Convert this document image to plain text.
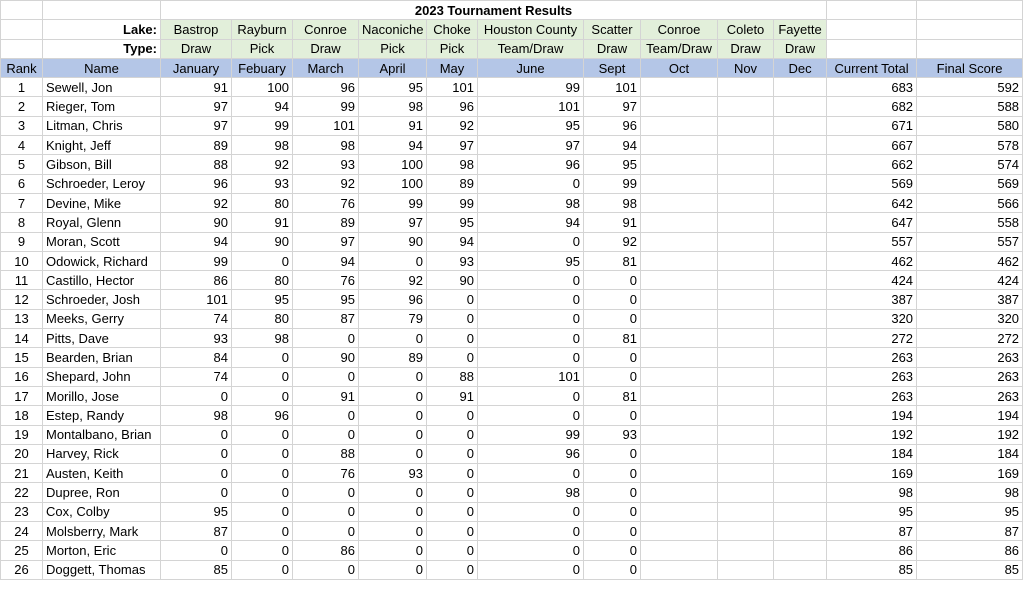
		2023 Tournament Results											
	Lake:	Bastrop	Rayburn	Conroe	Naconiche	Choke	Houston County	Scatter	Conroe	Coleto	Fayette		
	Type:	Draw	Pick	Draw	Pick	Pick	Team/Draw	Draw	Team/Draw	Draw	Draw		
Rank	Name	January	Febuary	March	April	May	June	Sept	Oct	Nov	Dec	Current Total	Final Score
1	Sewell, Jon	91	100	96	95	101	99	101				683	592
2	Rieger, Tom	97	94	99	98	96	101	97				682	588
3	Litman, Chris	97	99	101	91	92	95	96				671	580
4	Knight, Jeff	89	98	98	94	97	97	94				667	578
5	Gibson, Bill	88	92	93	100	98	96	95				662	574
6	Schroeder, Leroy	96	93	92	100	89	0	99				569	569
7	Devine, Mike	92	80	76	99	99	98	98				642	566
8	Royal, Glenn	90	91	89	97	95	94	91				647	558
9	Moran, Scott	94	90	97	90	94	0	92				557	557
10	Odowick, Richard	99	0	94	0	93	95	81				462	462
11	Castillo, Hector	86	80	76	92	90	0	0				424	424
12	Schroeder, Josh	101	95	95	96	0	0	0				387	387
13	Meeks, Gerry	74	80	87	79	0	0	0				320	320
14	Pitts, Dave	93	98	0	0	0	0	81				272	272
15	Bearden, Brian	84	0	90	89	0	0	0				263	263
16	Shepard, John	74	0	0	0	88	101	0				263	263
17	Morillo, Jose	0	0	91	0	91	0	81				263	263
18	Estep, Randy	98	96	0	0	0	0	0				194	194
19	Montalbano, Brian	0	0	0	0	0	99	93				192	192
20	Harvey, Rick	0	0	88	0	0	96	0				184	184
21	Austen, Keith	0	0	76	93	0	0	0				169	169
22	Dupree, Ron	0	0	0	0	0	98	0				98	98
23	Cox, Colby	95	0	0	0	0	0	0				95	95
24	Molsberry, Mark	87	0	0	0	0	0	0				87	87
25	Morton, Eric	0	0	86	0	0	0	0				86	86
26	Doggett, Thomas	85	0	0	0	0	0	0				85	85
